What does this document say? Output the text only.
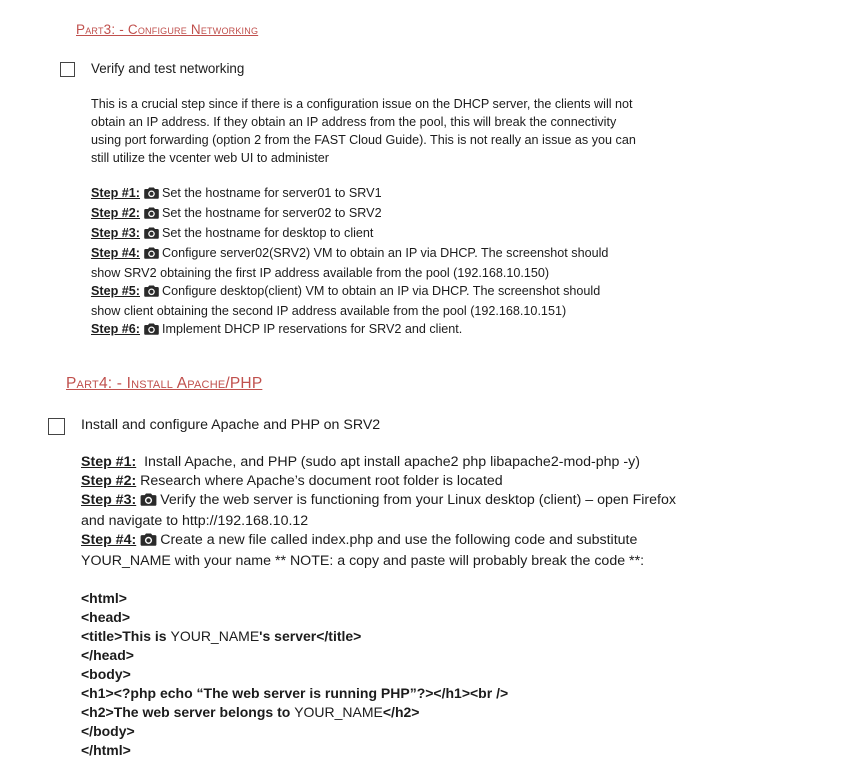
Part3: - Configure Networking
Verify and test networking
This is a crucial step since if there is a configuration issue on the DHCP server, the clients will not
obtain an IP address. If they obtain an IP address from the pool, this will break the connectivity
using port forwarding (option 2 from the FAST Cloud Guide). This is not really an issue as you can
still utilize the vcenter web UI to administer
Step #1: Set the hostname for server01 to SRV1
Step #2: Set the hostname for server02 to SRV2
Step #3: Set the hostname for desktop to client
Step #4: Configure server02(SRV2) VM to obtain an IP via DHCP. The screenshot should
show SRV2 obtaining the first IP address available from the pool (192.168.10.150)
Step #5: Configure desktop(client) VM to obtain an IP via DHCP. The screenshot should
show client obtaining the second IP address available from the pool (192.168.10.151)
Step #6: Implement DHCP IP reservations for SRV2 and client.
Part4: - Install Apache/PHP
Install and configure Apache and PHP on SRV2
Step #1: Install Apache, and PHP (sudo apt install apache2 php libapache2-mod-php -y)
Step #2: Research where Apache’s document root folder is located
Step #3: Verify the web server is functioning from your Linux desktop (client) – open Firefox
and navigate to http://192.168.10.12
Step #4: Create a new file called index.php and use the following code and substitute
YOUR_NAME with your name ** NOTE: a copy and paste will probably break the code **:
<html>
<head>
<title>This is YOUR_NAME's server</title>
</head>
<body>
<h1><?php echo “The web server is running PHP”?></h1><br />
<h2>The web server belongs to YOUR_NAME</h2>
</body>
</html>
